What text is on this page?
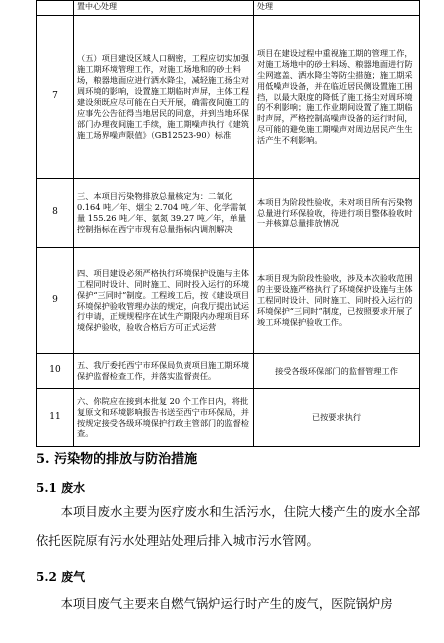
	置中心处理	处理
7	（五）项目建设区域人口稠密，工程应切实加强施工期环境管理工作，对施工场地和的砂土料场，粮器地面应进行洒水降尘，减轻施工扬尘对周环境的影响，设置施工期临时声屏，主体工程建设须既应尽可能在白天开展，确需夜间施工的应事先公告征得当地居民的同意，并到当地环保部门办理夜间施工手续，施工期噪声执行《建筑施工场界噪声限值》（GB12523-90）标准	项目在建设过程中重视施工期的管理工作，对施工场地中的砂土料场、粮器地面进行防尘网遮盖、洒水降尘等防尘措施；施工期采用低噪声设备，并在临近居民侧设置施工围挡，以最大限度的降低了施工扬尘对周环境的不利影响；施工作业期间设置了施工期临时声屏，严格控制高噪声设备的运行时间，尽可能的避免施工期噪声对周边居民产生生活产生不利影响。
8	三、本项目污染物排放总量核定为：二氧化 0.164 吨／年、烟尘 2.704 吨／年、化学需氧量 155.26 吨／年、氨氮 39.27 吨／年，单量控制指标在西宁市现有总量指标内调剂解决	本项目为阶段性验收，未对项目所有污染物总量进行环保验收，待进行项目整体验收时一并核算总量排放情况
9	四、项目建设必须严格执行环境保护设施与主体工程同时设计、同时施工、同时投入运行的环境保护“三同时”制度。工程竣工后，按《建设项目环境保护验收管理办法的规定，向我厅提出试运行申请，正规规程序在试生产期限内办理项目环境保护验收，验收合格后方可正式运营	本项目现为阶段性验收，涉及本次验收范围的主要设施严格执行了环境保护设施与主体工程同时设计、同时施工、同时投入运行的环境保护“三同时”制度，已按照要求开展了竣工环境保护验收工作。
10	五、我厅委托西宁市环保局负责项目施工期环境保护监督检查工作，并落实监督责任。	接受各级环保部门的监督管理工作
11	六、你院应在接到本批复 20 个工作日内，将批复原文和环境影响报告书送至西宁市环保局，并按规定接受各级环境保护行政主管部门的监督检查。	已按要求执行
5. 污染物的排放与防治措施
5.1 废水
本项目废水主要为医疗废水和生活污水，住院大楼产生的废水全部依托医院原有污水处理站处理后排入城市污水管网。
5.2 废气
本项目废气主要来自燃气锅炉运行时产生的废气，医院锅炉房
